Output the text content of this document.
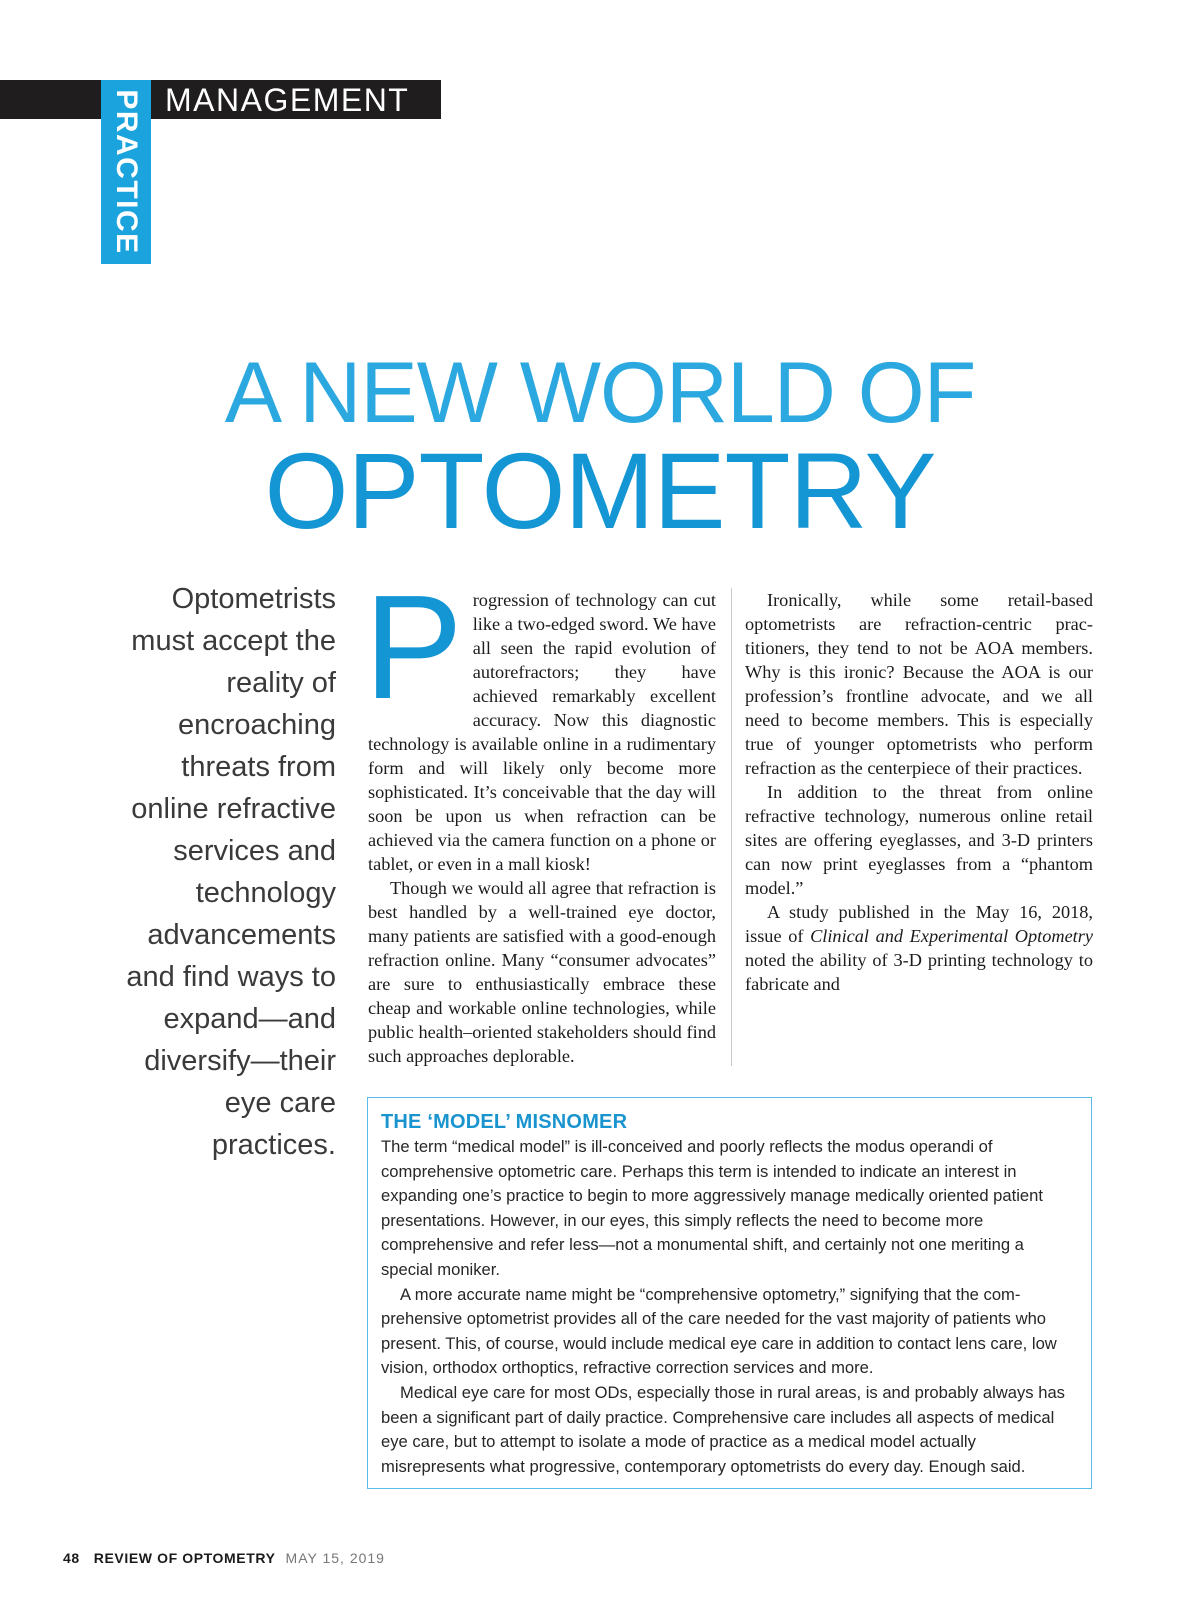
MANAGEMENT
PRACTICE
A NEW WORLD OF
OPTOMETRY
Optometrists must accept the reality of encroaching threats from online refractive services and technology advancements and find ways to expand—and diversify—their eye care practices.

Progression of technology can cut like a two-edged sword. We have all seen the rapid evolution of autorefractors; they have achieved remarkably excellent accuracy. Now this diagnostic technology is available online in a rudimentary form and will likely only become more sophisticated. It’s conceivable that the day will soon be upon us when refraction can be achieved via the camera function on a phone or tablet, or even in a mall kiosk!

Though we would all agree that refraction is best handled by a well-trained eye doctor, many patients are satisfied with a good-enough refraction online. Many “consumer advocates” are sure to enthusiastically embrace these cheap and workable online technologies, while public health–oriented stakeholders should find such approaches deplorable.

Ironically, while some retail-based optometrists are refraction-centric practitioners, they tend to not be AOA members. Why is this ironic? Because the AOA is our profession’s frontline advocate, and we all need to become members. This is especially true of younger optometrists who perform refraction as the centerpiece of their practices.

In addition to the threat from online refractive technology, numerous online retail sites are offering eyeglasses, and 3-D printers can now print eyeglasses from a “phantom model.”

A study published in the May 16, 2018, issue of Clinical and Experimental Optometry noted the ability of 3-D printing technology to fabricate and

THE ‘MODEL’ MISNOMER

The term “medical model” is ill-conceived and poorly reflects the modus operandi of comprehensive optometric care. Perhaps this term is intended to indicate an interest in expanding one’s practice to begin to more aggressively manage medically oriented patient presentations. However, in our eyes, this simply reflects the need to become more comprehensive and refer less—not a monumental shift, and certainly not one meriting a special moniker.

A more accurate name might be “comprehensive optometry,” signifying that the comprehensive optometrist provides all of the care needed for the vast majority of patients who present. This, of course, would include medical eye care in addition to contact lens care, low vision, orthodox orthoptics, refractive correction services and more.

Medical eye care for most ODs, especially those in rural areas, is and probably always has been a significant part of daily practice. Comprehensive care includes all aspects of medical eye care, but to attempt to isolate a mode of practice as a medical model actually misrepresents what progressive, contemporary optometrists do every day. Enough said.

48 REVIEW OF OPTOMETRY MAY 15, 2019
